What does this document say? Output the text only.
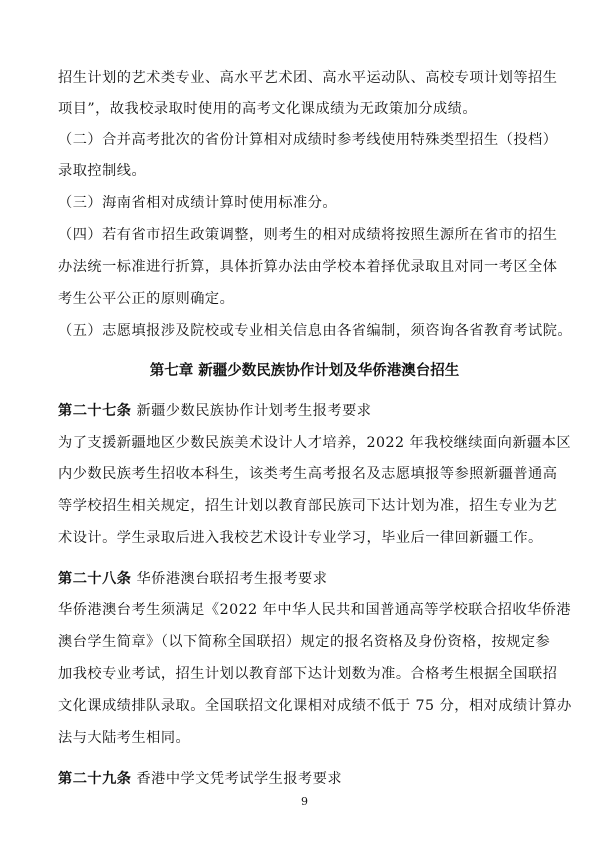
招生计划的艺术类专业、高水平艺术团、高水平运动队、高校专项计划等招生
项目”，故我校录取时使用的高考文化课成绩为无政策加分成绩。
（二）合并高考批次的省份计算相对成绩时参考线使用特殊类型招生（投档）
录取控制线。
（三）海南省相对成绩计算时使用标准分。
（四）若有省市招生政策调整，则考生的相对成绩将按照生源所在省市的招生
办法统一标准进行折算，具体折算办法由学校本着择优录取且对同一考区全体
考生公平公正的原则确定。
（五）志愿填报涉及院校或专业相关信息由各省编制，须咨询各省教育考试院。
第七章 新疆少数民族协作计划及华侨港澳台招生
第二十七条 新疆少数民族协作计划考生报考要求
为了支援新疆地区少数民族美术设计人才培养，2022 年我校继续面向新疆本区
内少数民族考生招收本科生，该类考生高考报名及志愿填报等参照新疆普通高
等学校招生相关规定，招生计划以教育部民族司下达计划为准，招生专业为艺
术设计。学生录取后进入我校艺术设计专业学习，毕业后一律回新疆工作。
第二十八条 华侨港澳台联招考生报考要求
华侨港澳台考生须满足《2022 年中华人民共和国普通高等学校联合招收华侨港
澳台学生简章》（以下简称全国联招）规定的报名资格及身份资格，按规定参
加我校专业考试，招生计划以教育部下达计划数为准。合格考生根据全国联招
文化课成绩排队录取。全国联招文化课相对成绩不低于 75 分，相对成绩计算办
法与大陆考生相同。
第二十九条 香港中学文凭考试学生报考要求
9
